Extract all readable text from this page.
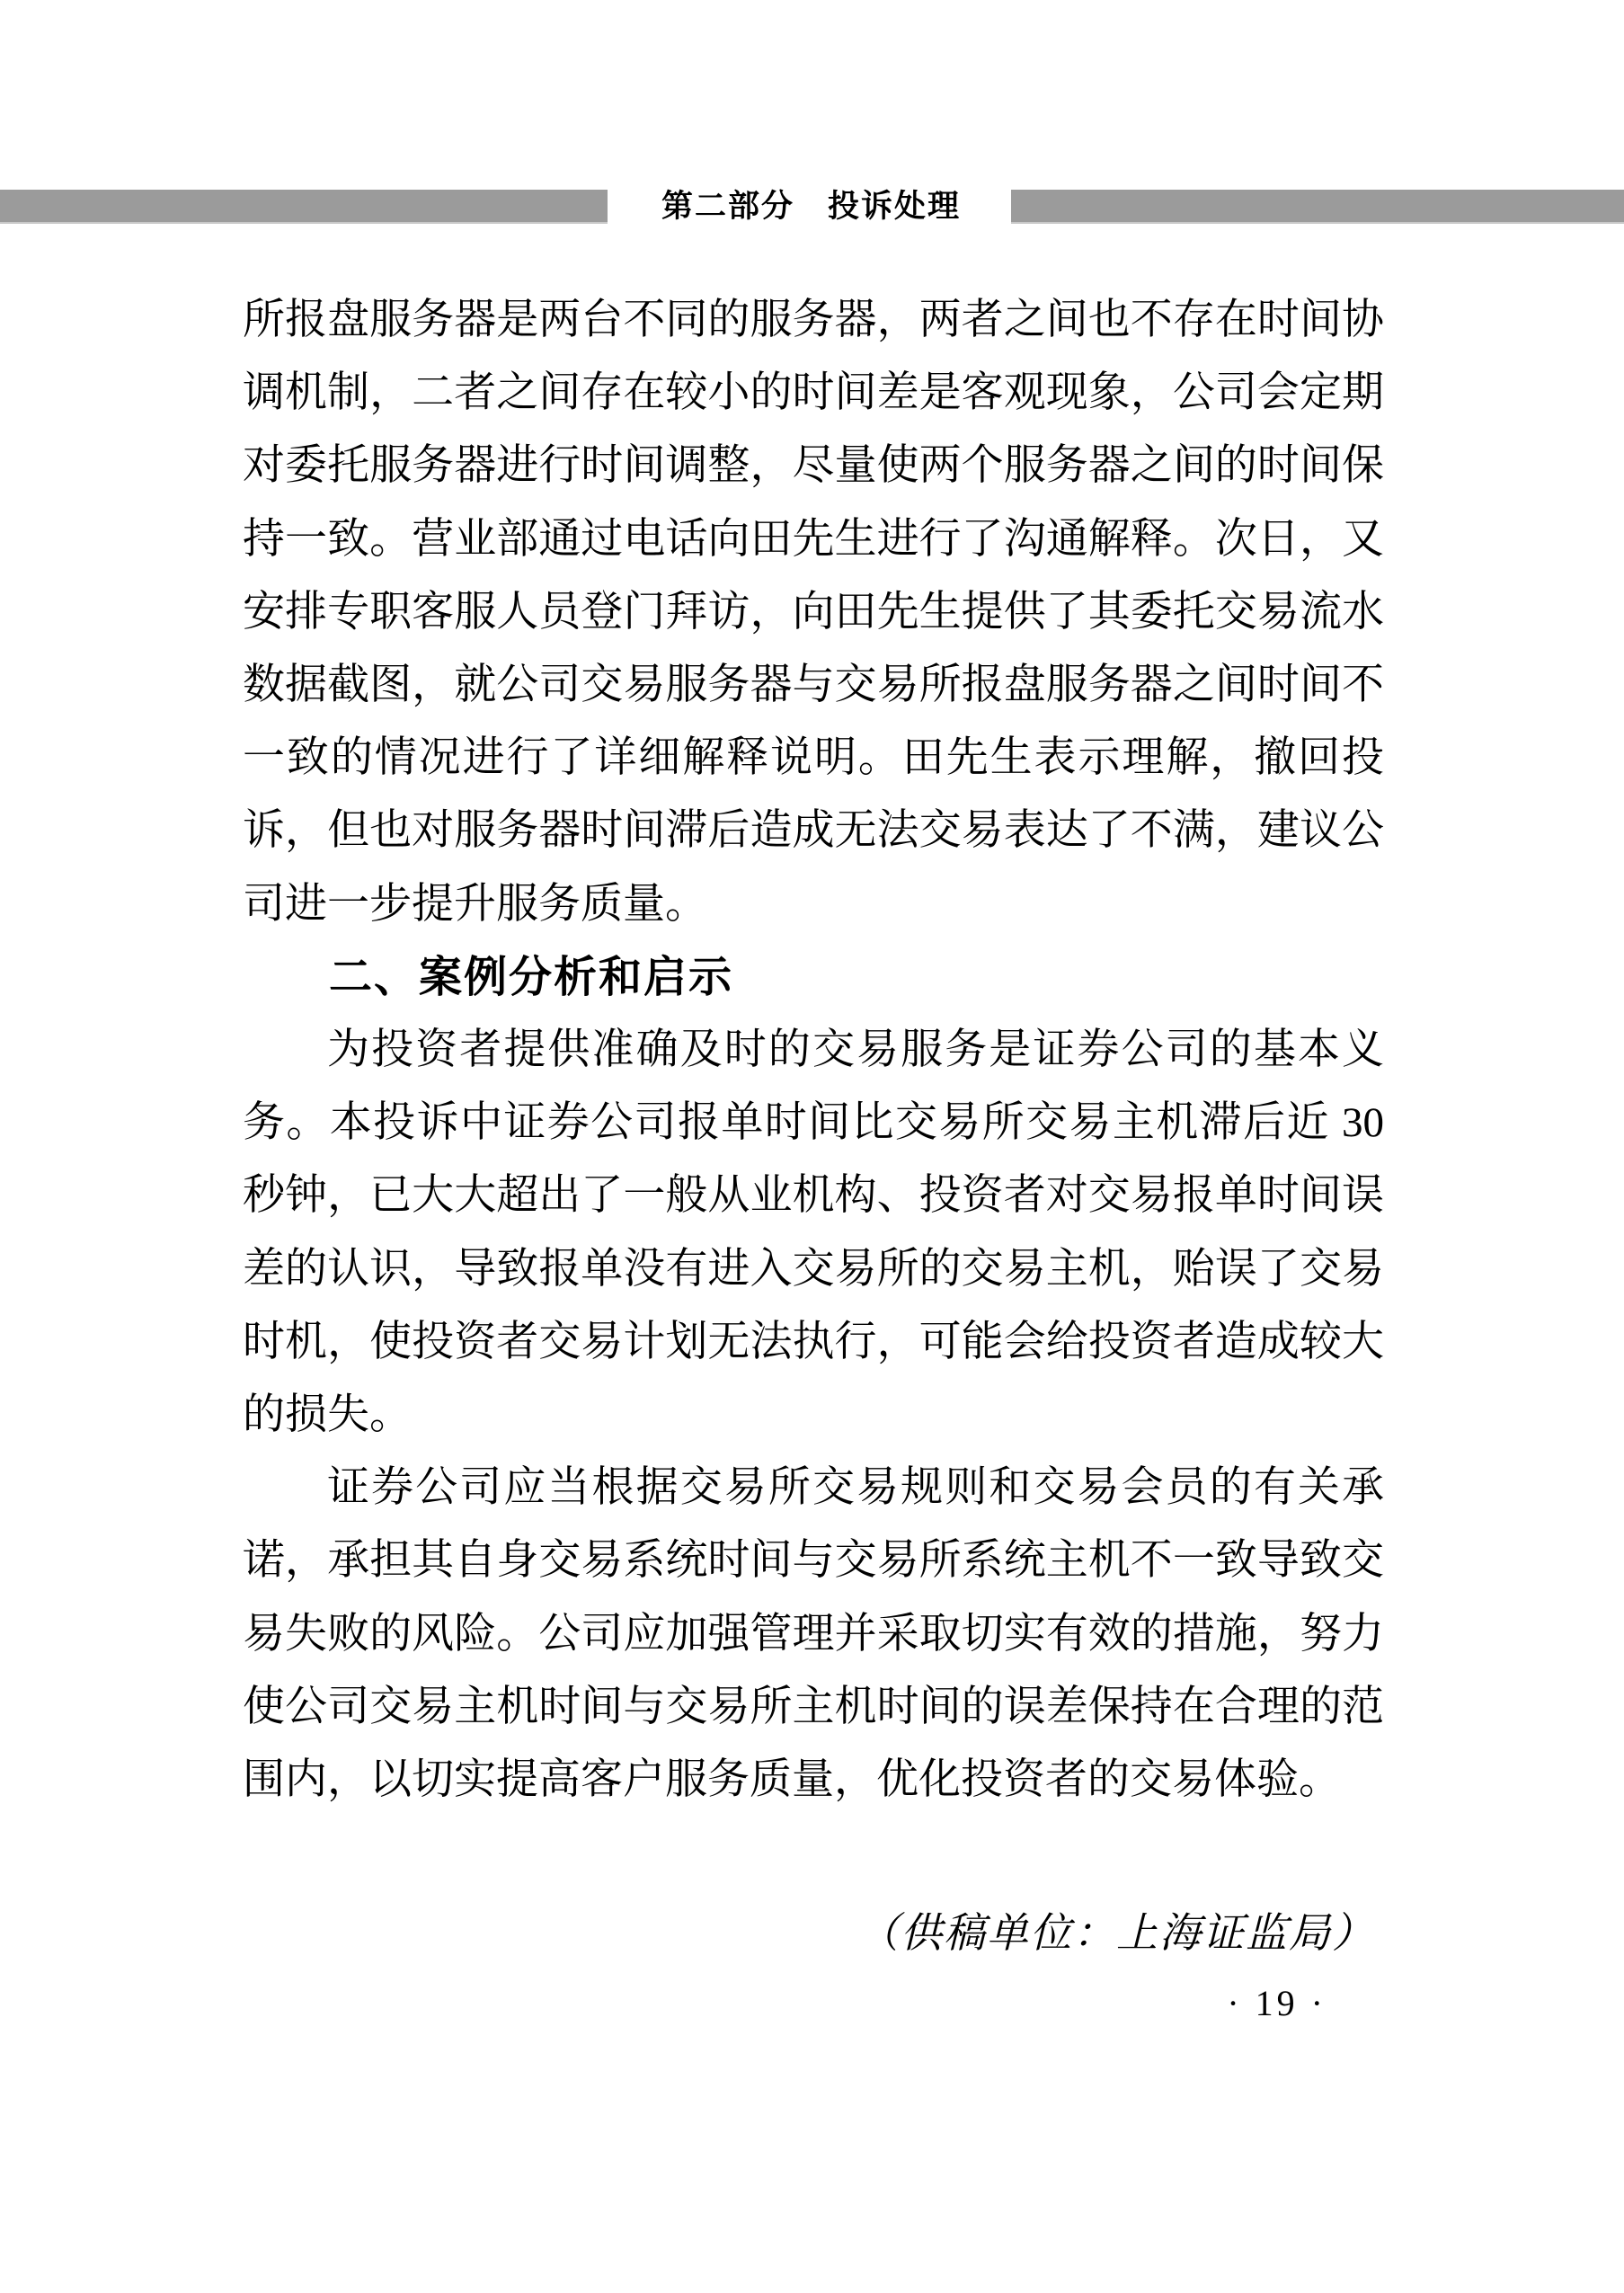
第二部分　投诉处理

所报盘服务器是两台不同的服务器，两者之间也不存在时间协调机制，二者之间存在较小的时间差是客观现象，公司会定期对委托服务器进行时间调整，尽量使两个服务器之间的时间保持一致。营业部通过电话向田先生进行了沟通解释。次日，又安排专职客服人员登门拜访，向田先生提供了其委托交易流水数据截图，就公司交易服务器与交易所报盘服务器之间时间不一致的情况进行了详细解释说明。田先生表示理解，撤回投诉，但也对服务器时间滞后造成无法交易表达了不满，建议公司进一步提升服务质量。

二、案例分析和启示

为投资者提供准确及时的交易服务是证券公司的基本义务。本投诉中证券公司报单时间比交易所交易主机滞后近 30 秒钟，已大大超出了一般从业机构、投资者对交易报单时间误差的认识，导致报单没有进入交易所的交易主机，贻误了交易时机，使投资者交易计划无法执行，可能会给投资者造成较大的损失。

证券公司应当根据交易所交易规则和交易会员的有关承诺，承担其自身交易系统时间与交易所系统主机不一致导致交易失败的风险。公司应加强管理并采取切实有效的措施，努力使公司交易主机时间与交易所主机时间的误差保持在合理的范围内，以切实提高客户服务质量，优化投资者的交易体验。

（供稿单位：上海证监局）

· 19 ·
